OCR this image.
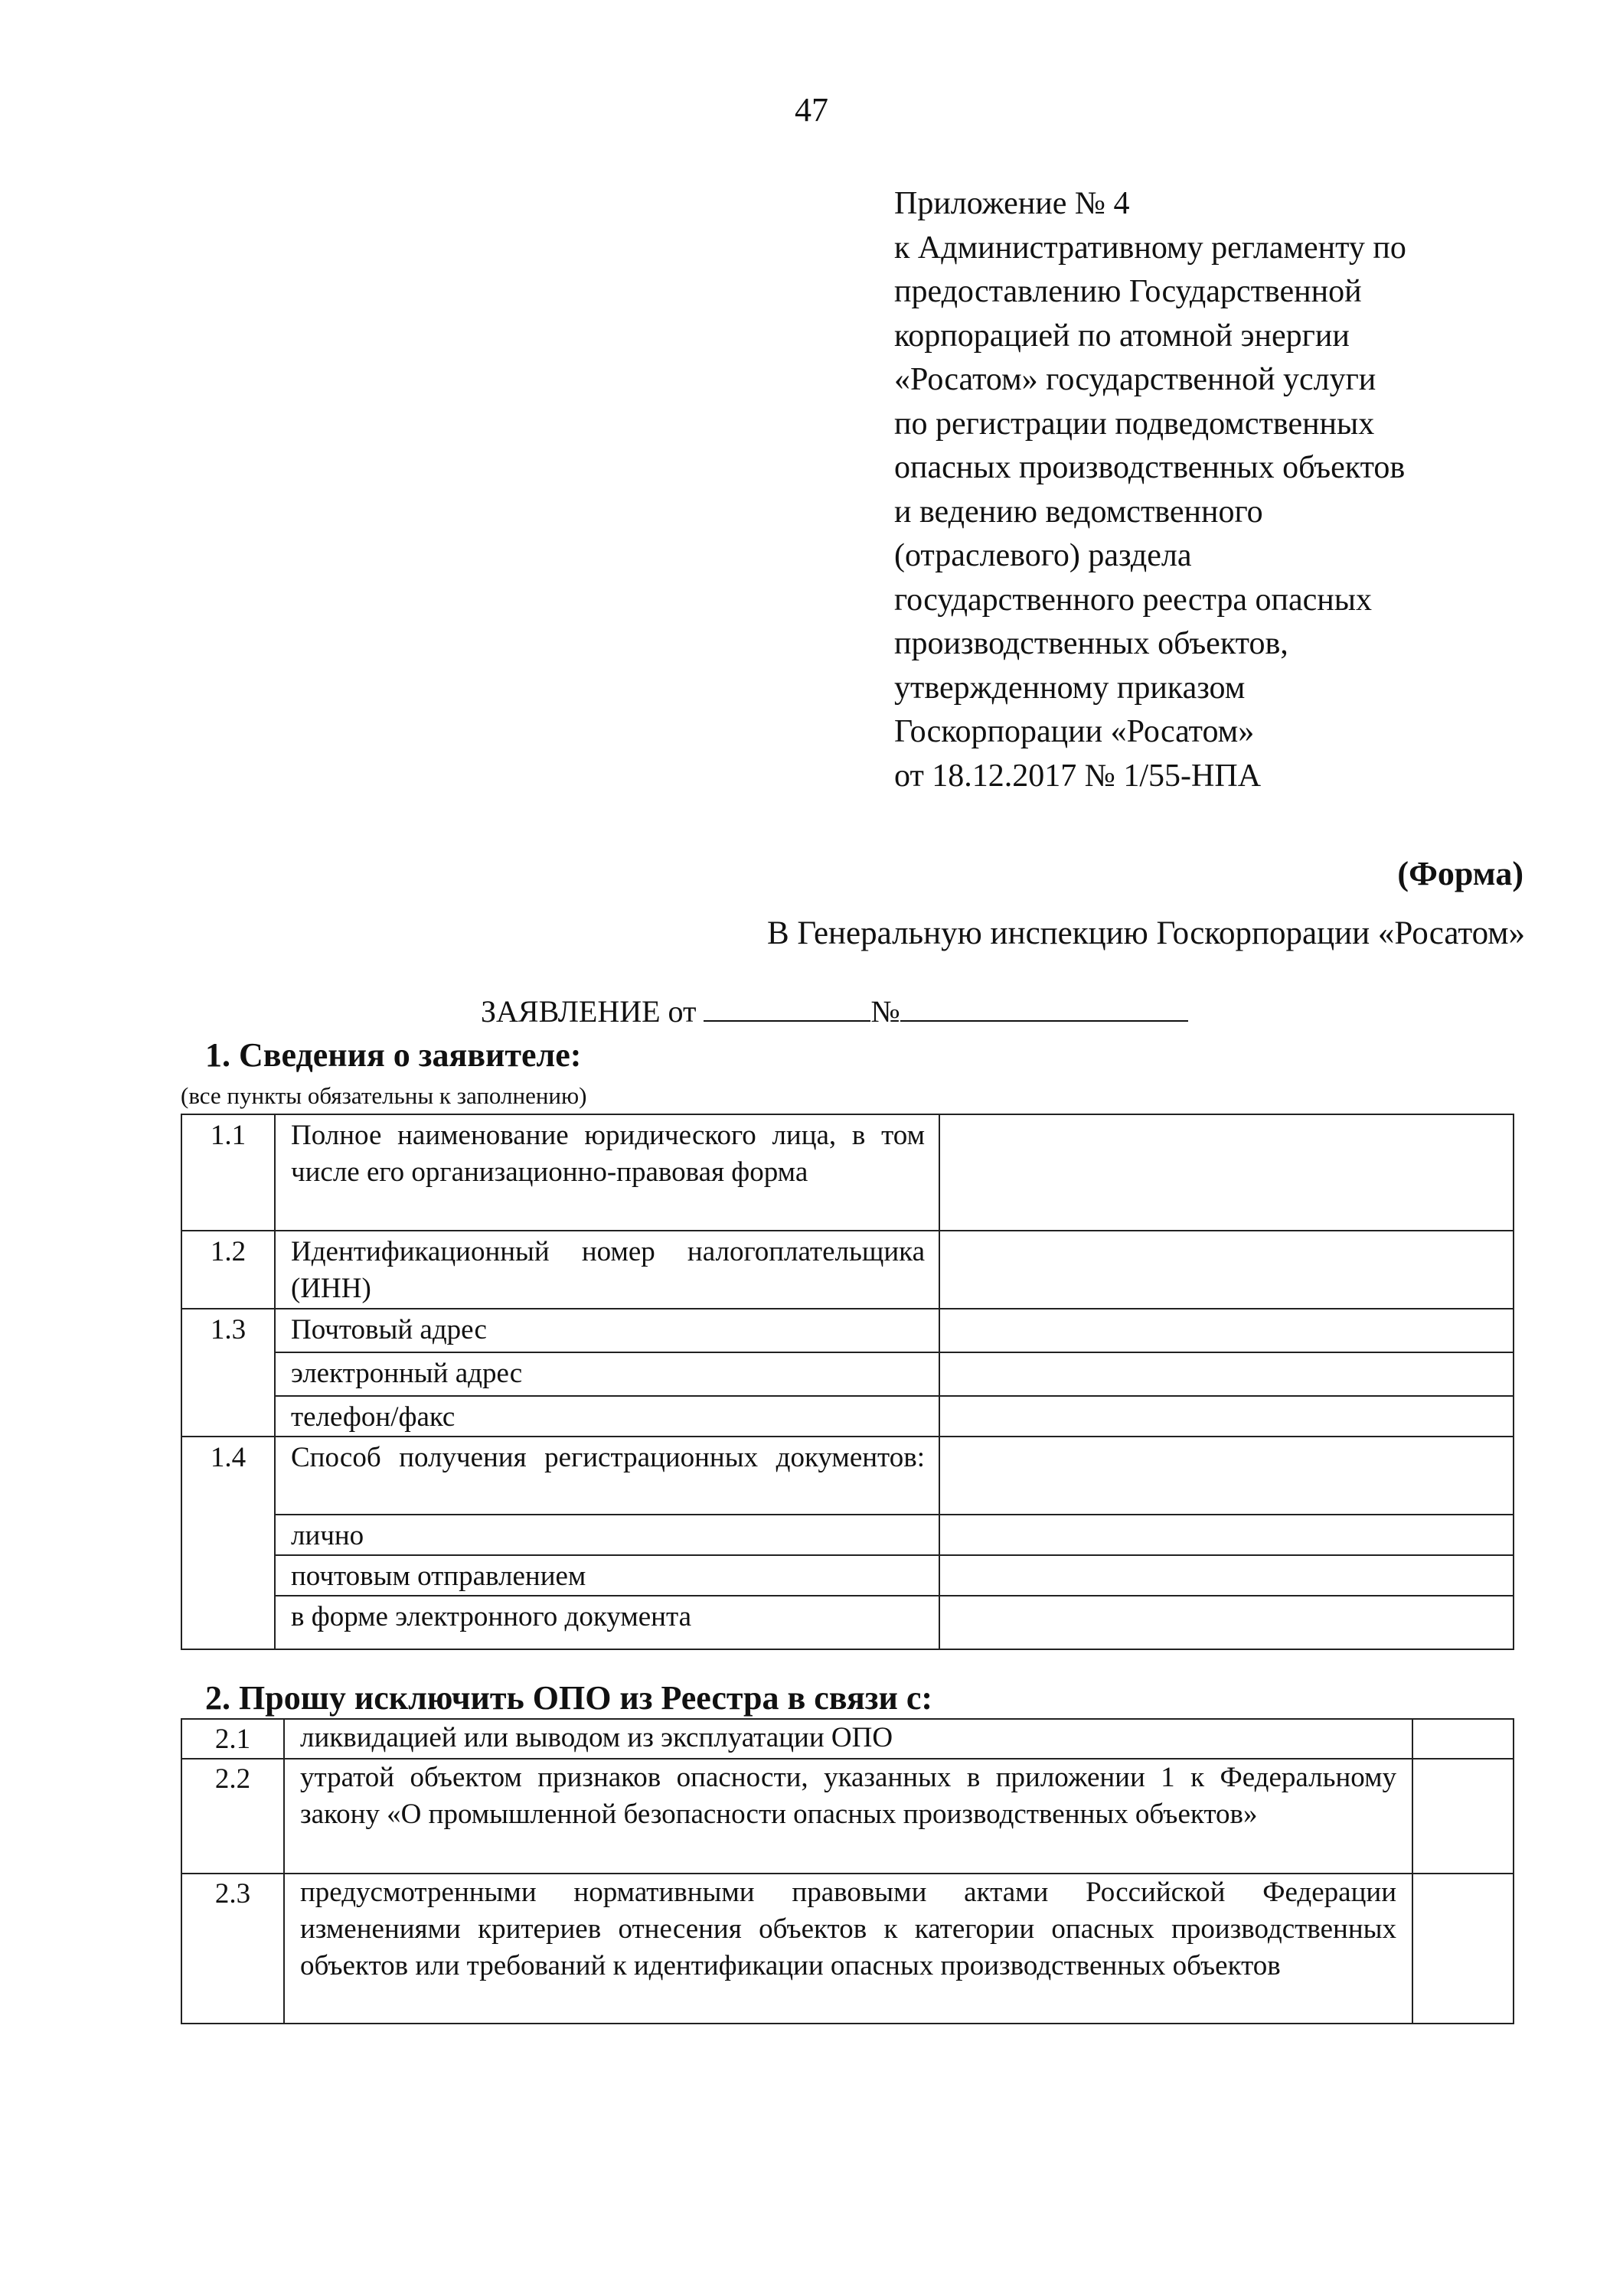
47
Приложение № 4
к Административному регламенту по
предоставлению Государственной
корпорацией по атомной энергии
«Росатом» государственной услуги
по регистрации подведомственных
опасных производственных объектов
и ведению ведомственного
(отраслевого) раздела
государственного реестра опасных
производственных объектов,
утвержденному приказом
Госкорпорации «Росатом»
от 18.12.2017 № 1/55-НПА
(Форма)
В Генеральную инспекцию Госкорпорации «Росатом»
ЗАЯВЛЕНИЕ от	№
1. Сведения о заявителе:
(все пункты обязательны к заполнению)
1.1	Полное наименование юридического лица, в том числе его организационно-правовая форма	
1.2	Идентификационный номер налогоплательщика (ИНН)	
1.3	Почтовый адрес	
	электронный адрес	
	телефон/факс	
1.4	Способ получения регистрационных документов:	
	лично	
	почтовым отправлением	
	в форме электронного документа	
2. Прошу исключить ОПО из Реестра в связи с:
2.1	ликвидацией или выводом из эксплуатации ОПО	
2.2	утратой объектом признаков опасности, указанных в приложении 1 к Федеральному закону «О промышленной безопасности опасных производственных объектов»	
2.3	предусмотренными нормативными правовыми актами Российской Федерации изменениями критериев отнесения объектов к категории опасных производственных объектов или требований к идентификации опасных производственных объектов	
